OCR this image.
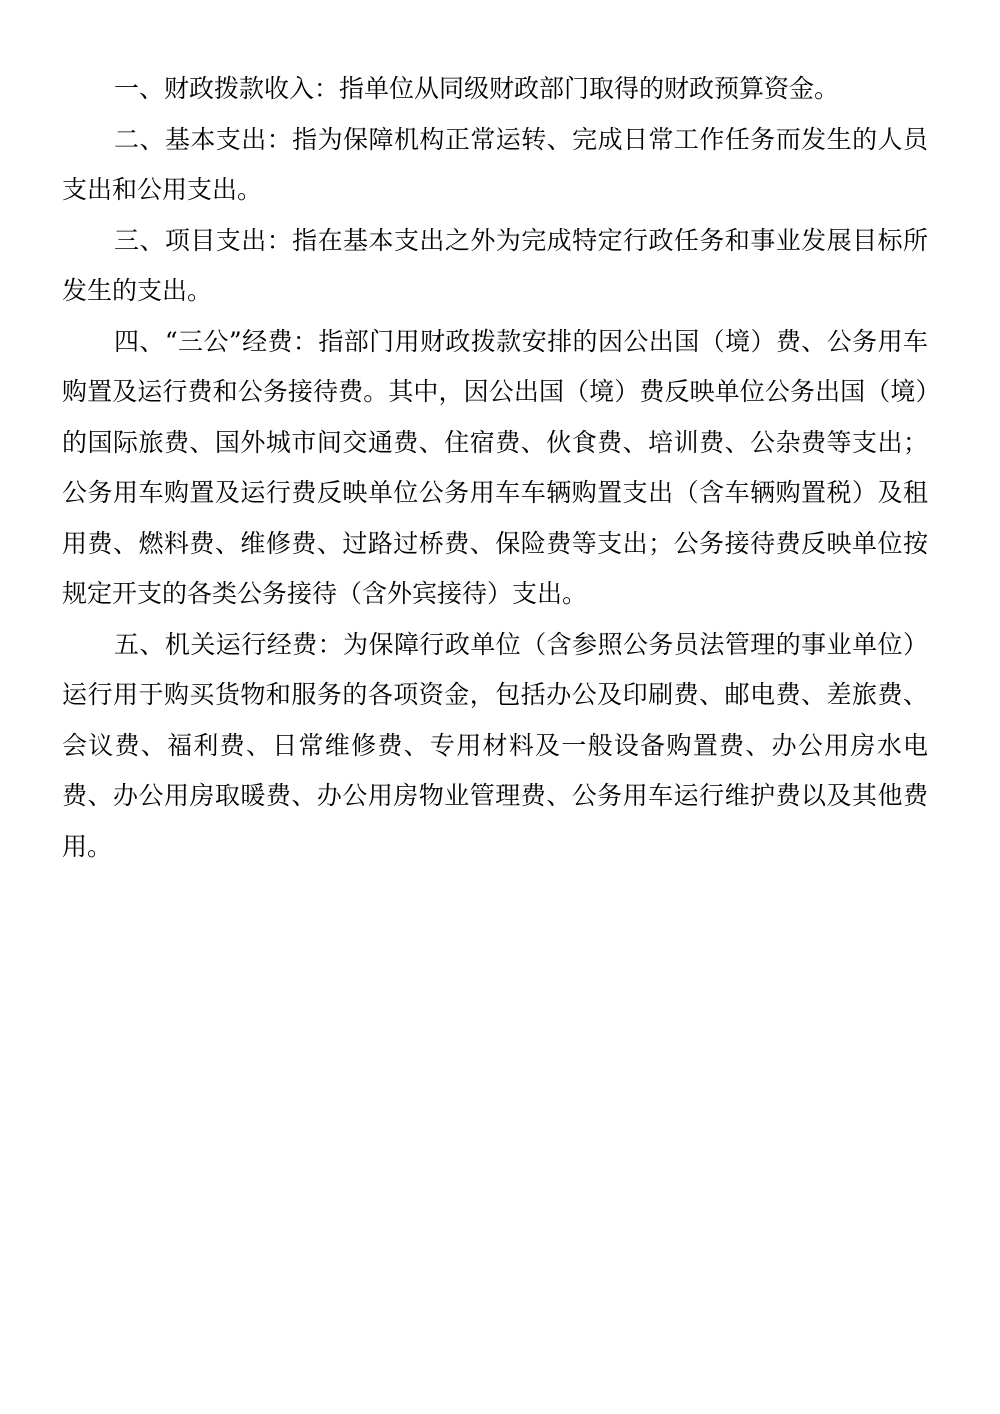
一、财政拨款收入：指单位从同级财政部门取得的财政预算资金。

二、基本支出：指为保障机构正常运转、完成日常工作任务而发生的人员支出和公用支出。

三、项目支出：指在基本支出之外为完成特定行政任务和事业发展目标所发生的支出。

四、“三公”经费：指部门用财政拨款安排的因公出国（境）费、公务用车购置及运行费和公务接待费。其中，因公出国（境）费反映单位公务出国（境）的国际旅费、国外城市间交通费、住宿费、伙食费、培训费、公杂费等支出；公务用车购置及运行费反映单位公务用车车辆购置支出（含车辆购置税）及租用费、燃料费、维修费、过路过桥费、保险费等支出；公务接待费反映单位按规定开支的各类公务接待（含外宾接待）支出。

五、机关运行经费：为保障行政单位（含参照公务员法管理的事业单位）运行用于购买货物和服务的各项资金，包括办公及印刷费、邮电费、差旅费、会议费、福利费、日常维修费、专用材料及一般设备购置费、办公用房水电费、办公用房取暖费、办公用房物业管理费、公务用车运行维护费以及其他费用。
